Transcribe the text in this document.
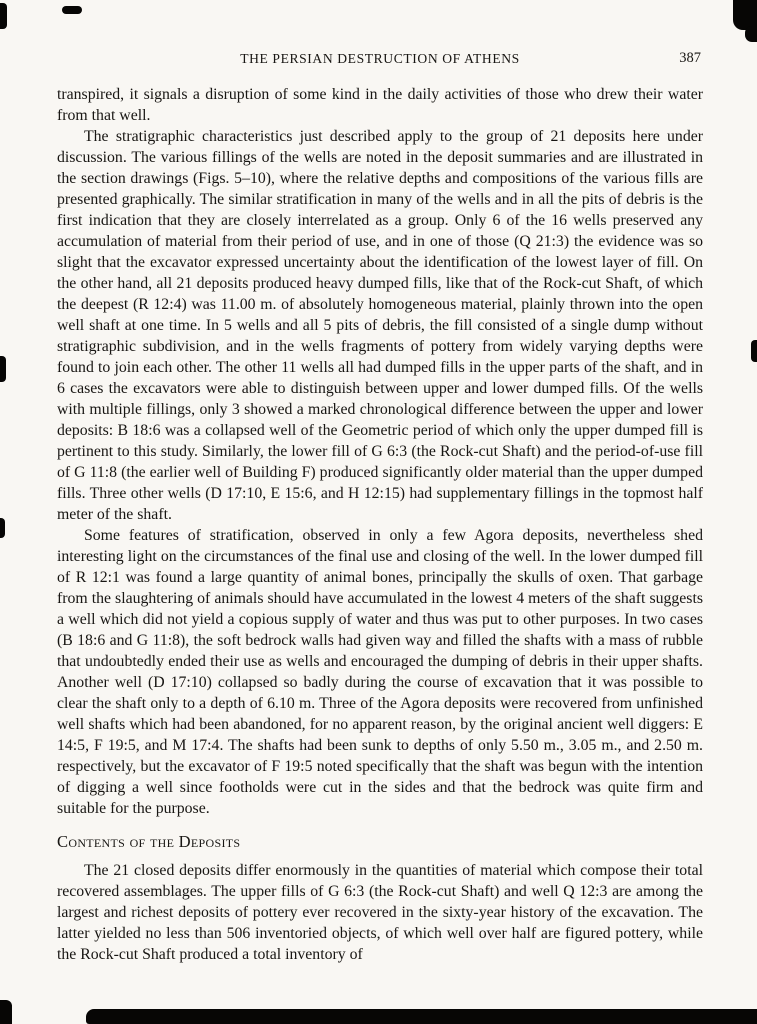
THE PERSIAN DESTRUCTION OF ATHENS	387

transpired, it signals a disruption of some kind in the daily activities of those who drew their water from that well.

The stratigraphic characteristics just described apply to the group of 21 deposits here under discussion. The various fillings of the wells are noted in the deposit summaries and are illustrated in the section drawings (Figs. 5–10), where the relative depths and compositions of the various fills are presented graphically. The similar stratification in many of the wells and in all the pits of debris is the first indication that they are closely interrelated as a group. Only 6 of the 16 wells preserved any accumulation of material from their period of use, and in one of those (Q 21:3) the evidence was so slight that the excavator expressed uncertainty about the identification of the lowest layer of fill. On the other hand, all 21 deposits produced heavy dumped fills, like that of the Rock-cut Shaft, of which the deepest (R 12:4) was 11.00 m. of absolutely homogeneous material, plainly thrown into the open well shaft at one time. In 5 wells and all 5 pits of debris, the fill consisted of a single dump without stratigraphic subdivision, and in the wells fragments of pottery from widely varying depths were found to join each other. The other 11 wells all had dumped fills in the upper parts of the shaft, and in 6 cases the excavators were able to distinguish between upper and lower dumped fills. Of the wells with multiple fillings, only 3 showed a marked chronological difference between the upper and lower deposits: B 18:6 was a collapsed well of the Geometric period of which only the upper dumped fill is pertinent to this study. Similarly, the lower fill of G 6:3 (the Rock-cut Shaft) and the period-of-use fill of G 11:8 (the earlier well of Building F) produced significantly older material than the upper dumped fills. Three other wells (D 17:10, E 15:6, and H 12:15) had supplementary fillings in the topmost half meter of the shaft.

Some features of stratification, observed in only a few Agora deposits, nevertheless shed interesting light on the circumstances of the final use and closing of the well. In the lower dumped fill of R 12:1 was found a large quantity of animal bones, principally the skulls of oxen. That garbage from the slaughtering of animals should have accumulated in the lowest 4 meters of the shaft suggests a well which did not yield a copious supply of water and thus was put to other purposes. In two cases (B 18:6 and G 11:8), the soft bedrock walls had given way and filled the shafts with a mass of rubble that undoubtedly ended their use as wells and encouraged the dumping of debris in their upper shafts. Another well (D 17:10) collapsed so badly during the course of excavation that it was possible to clear the shaft only to a depth of 6.10 m. Three of the Agora deposits were recovered from unfinished well shafts which had been abandoned, for no apparent reason, by the original ancient well diggers: E 14:5, F 19:5, and M 17:4. The shafts had been sunk to depths of only 5.50 m., 3.05 m., and 2.50 m. respectively, but the excavator of F 19:5 noted specifically that the shaft was begun with the intention of digging a well since footholds were cut in the sides and that the bedrock was quite firm and suitable for the purpose.

Contents of the Deposits

The 21 closed deposits differ enormously in the quantities of material which compose their total recovered assemblages. The upper fills of G 6:3 (the Rock-cut Shaft) and well Q 12:3 are among the largest and richest deposits of pottery ever recovered in the sixty-year history of the excavation. The latter yielded no less than 506 inventoried objects, of which well over half are figured pottery, while the Rock-cut Shaft produced a total inventory of
